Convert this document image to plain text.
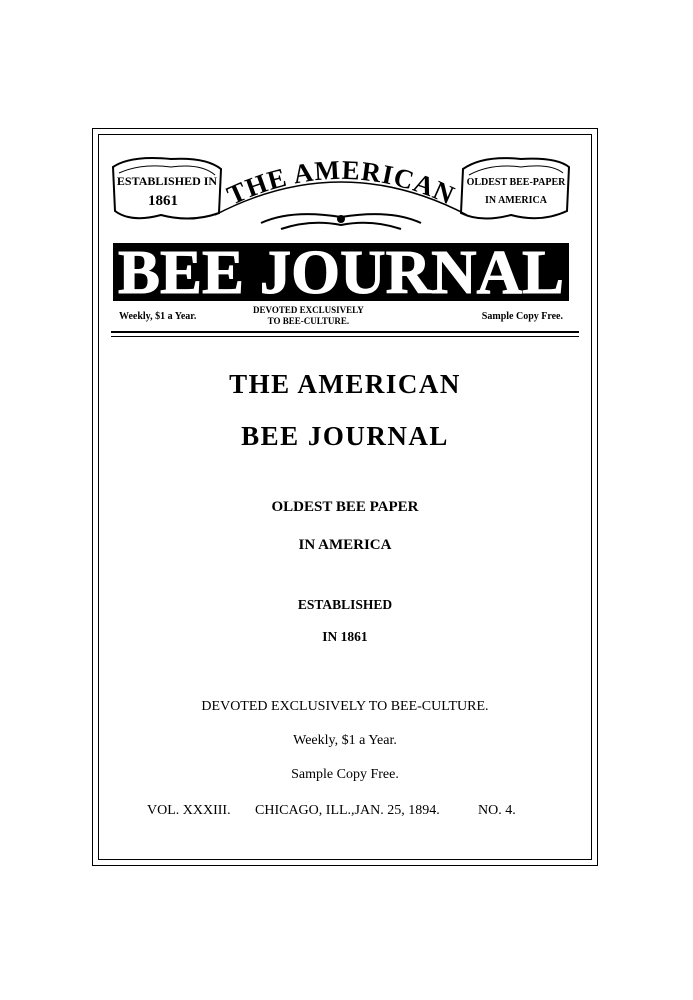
ESTABLISHED IN
1861
OLDEST BEE-PAPER
IN AMERICA
THE AMERICAN
BEE JOURNAL
Weekly, $1 a Year.
DEVOTED EXCLUSIVELY
TO BEE-CULTURE.	Sample Copy Free.
THE AMERICAN
BEE JOURNAL
OLDEST BEE PAPER
IN AMERICA
ESTABLISHED
IN 1861
DEVOTED EXCLUSIVELY TO BEE-CULTURE.
Weekly, $1 a Year.
Sample Copy Free.
VOL. XXXIII. CHICAGO, ILL.,JAN. 25, 1894.	NO. 4.
